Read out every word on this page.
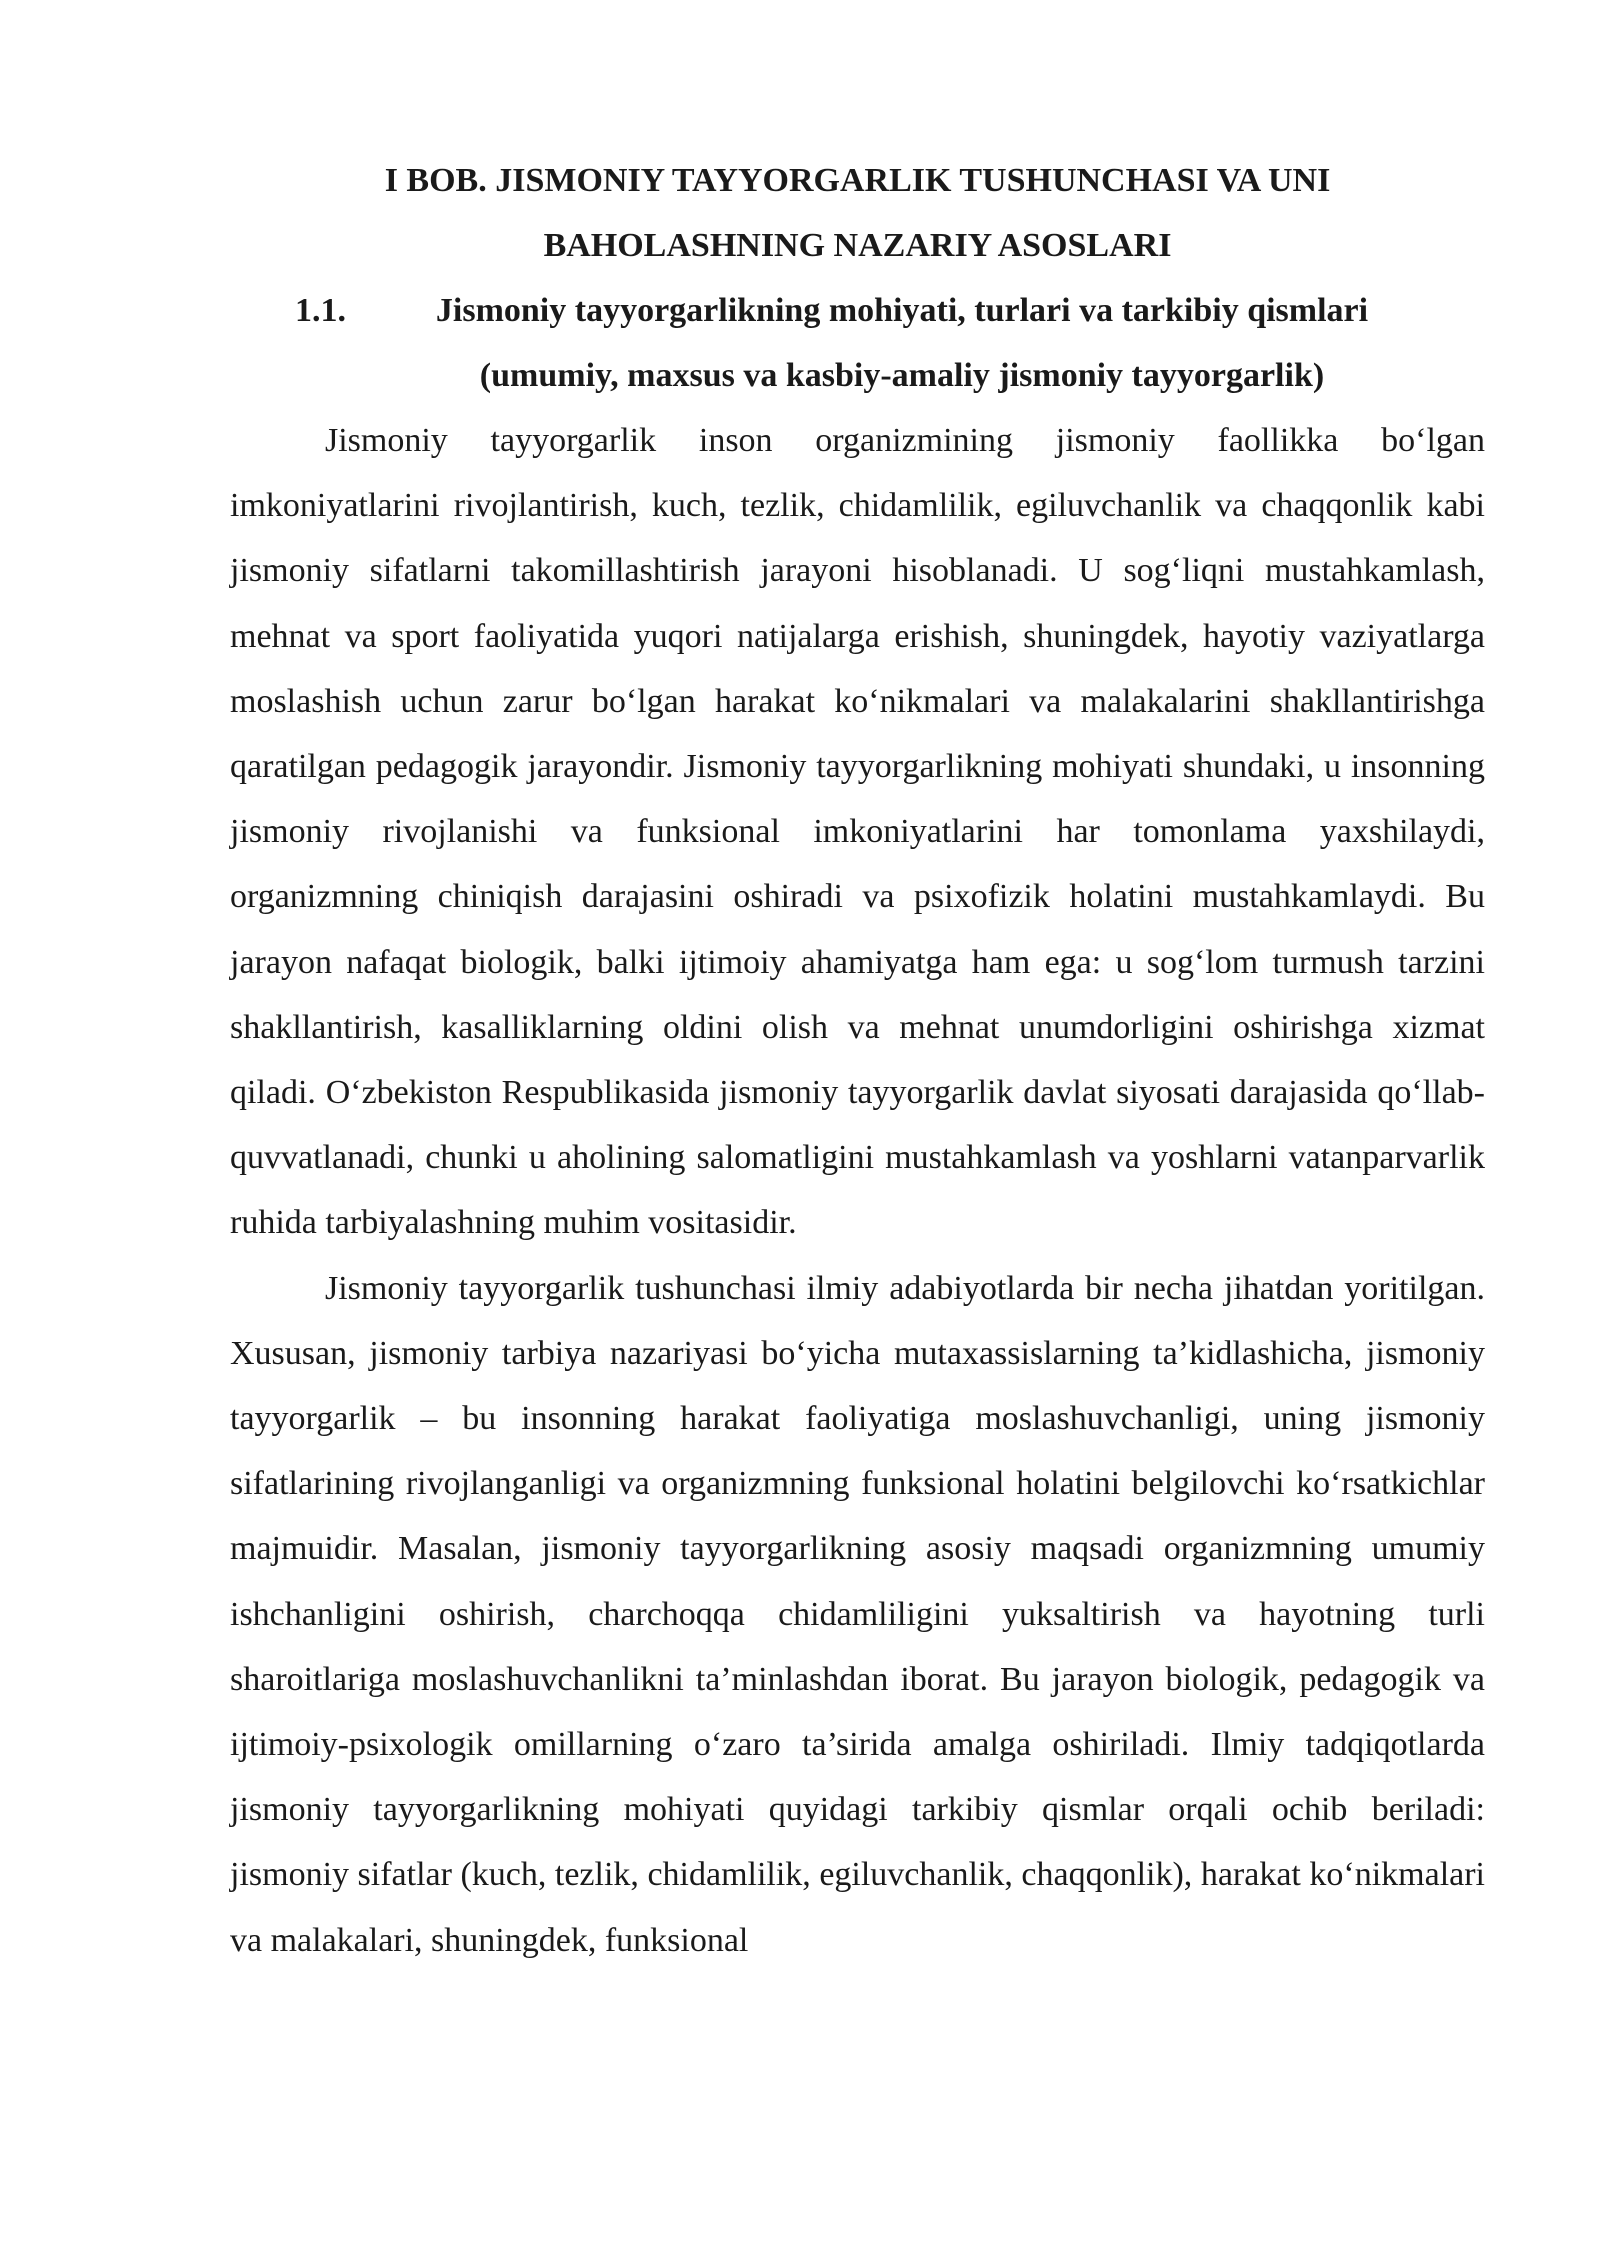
I BOB. JISMONIY TAYYORGARLIK TUSHUNCHASI VA UNI
BAHOLASHNING NAZARIY ASOSLARI
1.1.	Jismoniy tayyorgarlikning mohiyati, turlari va tarkibiy qismlari
(umumiy, maxsus va kasbiy-amaliy jismoniy tayyorgarlik)

Jismoniy tayyorgarlik inson organizmining jismoniy faollikka bo‘lgan imkoniyatlarini rivojlantirish, kuch, tezlik, chidamlilik, egiluvchanlik va chaqqonlik kabi jismoniy sifatlarni takomillashtirish jarayoni hisoblanadi. U sog‘liqni mustahkamlash, mehnat va sport faoliyatida yuqori natijalarga erishish, shuningdek, hayotiy vaziyatlarga moslashish uchun zarur bo‘lgan harakat ko‘nikmalari va malakalarini shakllantirishga qaratilgan pedagogik jarayondir. Jismoniy tayyorgarlikning mohiyati shundaki, u insonning jismoniy rivojlanishi va funksional imkoniyatlarini har tomonlama yaxshilaydi, organizmning chiniqish darajasini oshiradi va psixofizik holatini mustahkamlaydi. Bu jarayon nafaqat biologik, balki ijtimoiy ahamiyatga ham ega: u sog‘lom turmush tarzini shakllantirish, kasalliklarning oldini olish va mehnat unumdorligini oshirishga xizmat qiladi. O‘zbekiston Respublikasida jismoniy tayyorgarlik davlat siyosati darajasida qo‘llab-quvvatlanadi, chunki u aholining salomatligini mustahkamlash va yoshlarni vatanparvarlik ruhida tarbiyalashning muhim vositasidir.

Jismoniy tayyorgarlik tushunchasi ilmiy adabiyotlarda bir necha jihatdan yoritilgan. Xususan, jismoniy tarbiya nazariyasi bo‘yicha mutaxassislarning ta’kidlashicha, jismoniy tayyorgarlik – bu insonning harakat faoliyatiga moslashuvchanligi, uning jismoniy sifatlarining rivojlanganligi va organizmning funksional holatini belgilovchi ko‘rsatkichlar majmuidir. Masalan, jismoniy tayyorgarlikning asosiy maqsadi organizmning umumiy ishchanligini oshirish, charchoqqa chidamliligini yuksaltirish va hayotning turli sharoitlariga moslashuvchanlikni ta’minlashdan iborat. Bu jarayon biologik, pedagogik va ijtimoiy-psixologik omillarning o‘zaro ta’sirida amalga oshiriladi. Ilmiy tadqiqotlarda jismoniy tayyorgarlikning mohiyati quyidagi tarkibiy qismlar orqali ochib beriladi: jismoniy sifatlar (kuch, tezlik, chidamlilik, egiluvchanlik, chaqqonlik), harakat ko‘nikmalari va malakalari, shuningdek, funksional
